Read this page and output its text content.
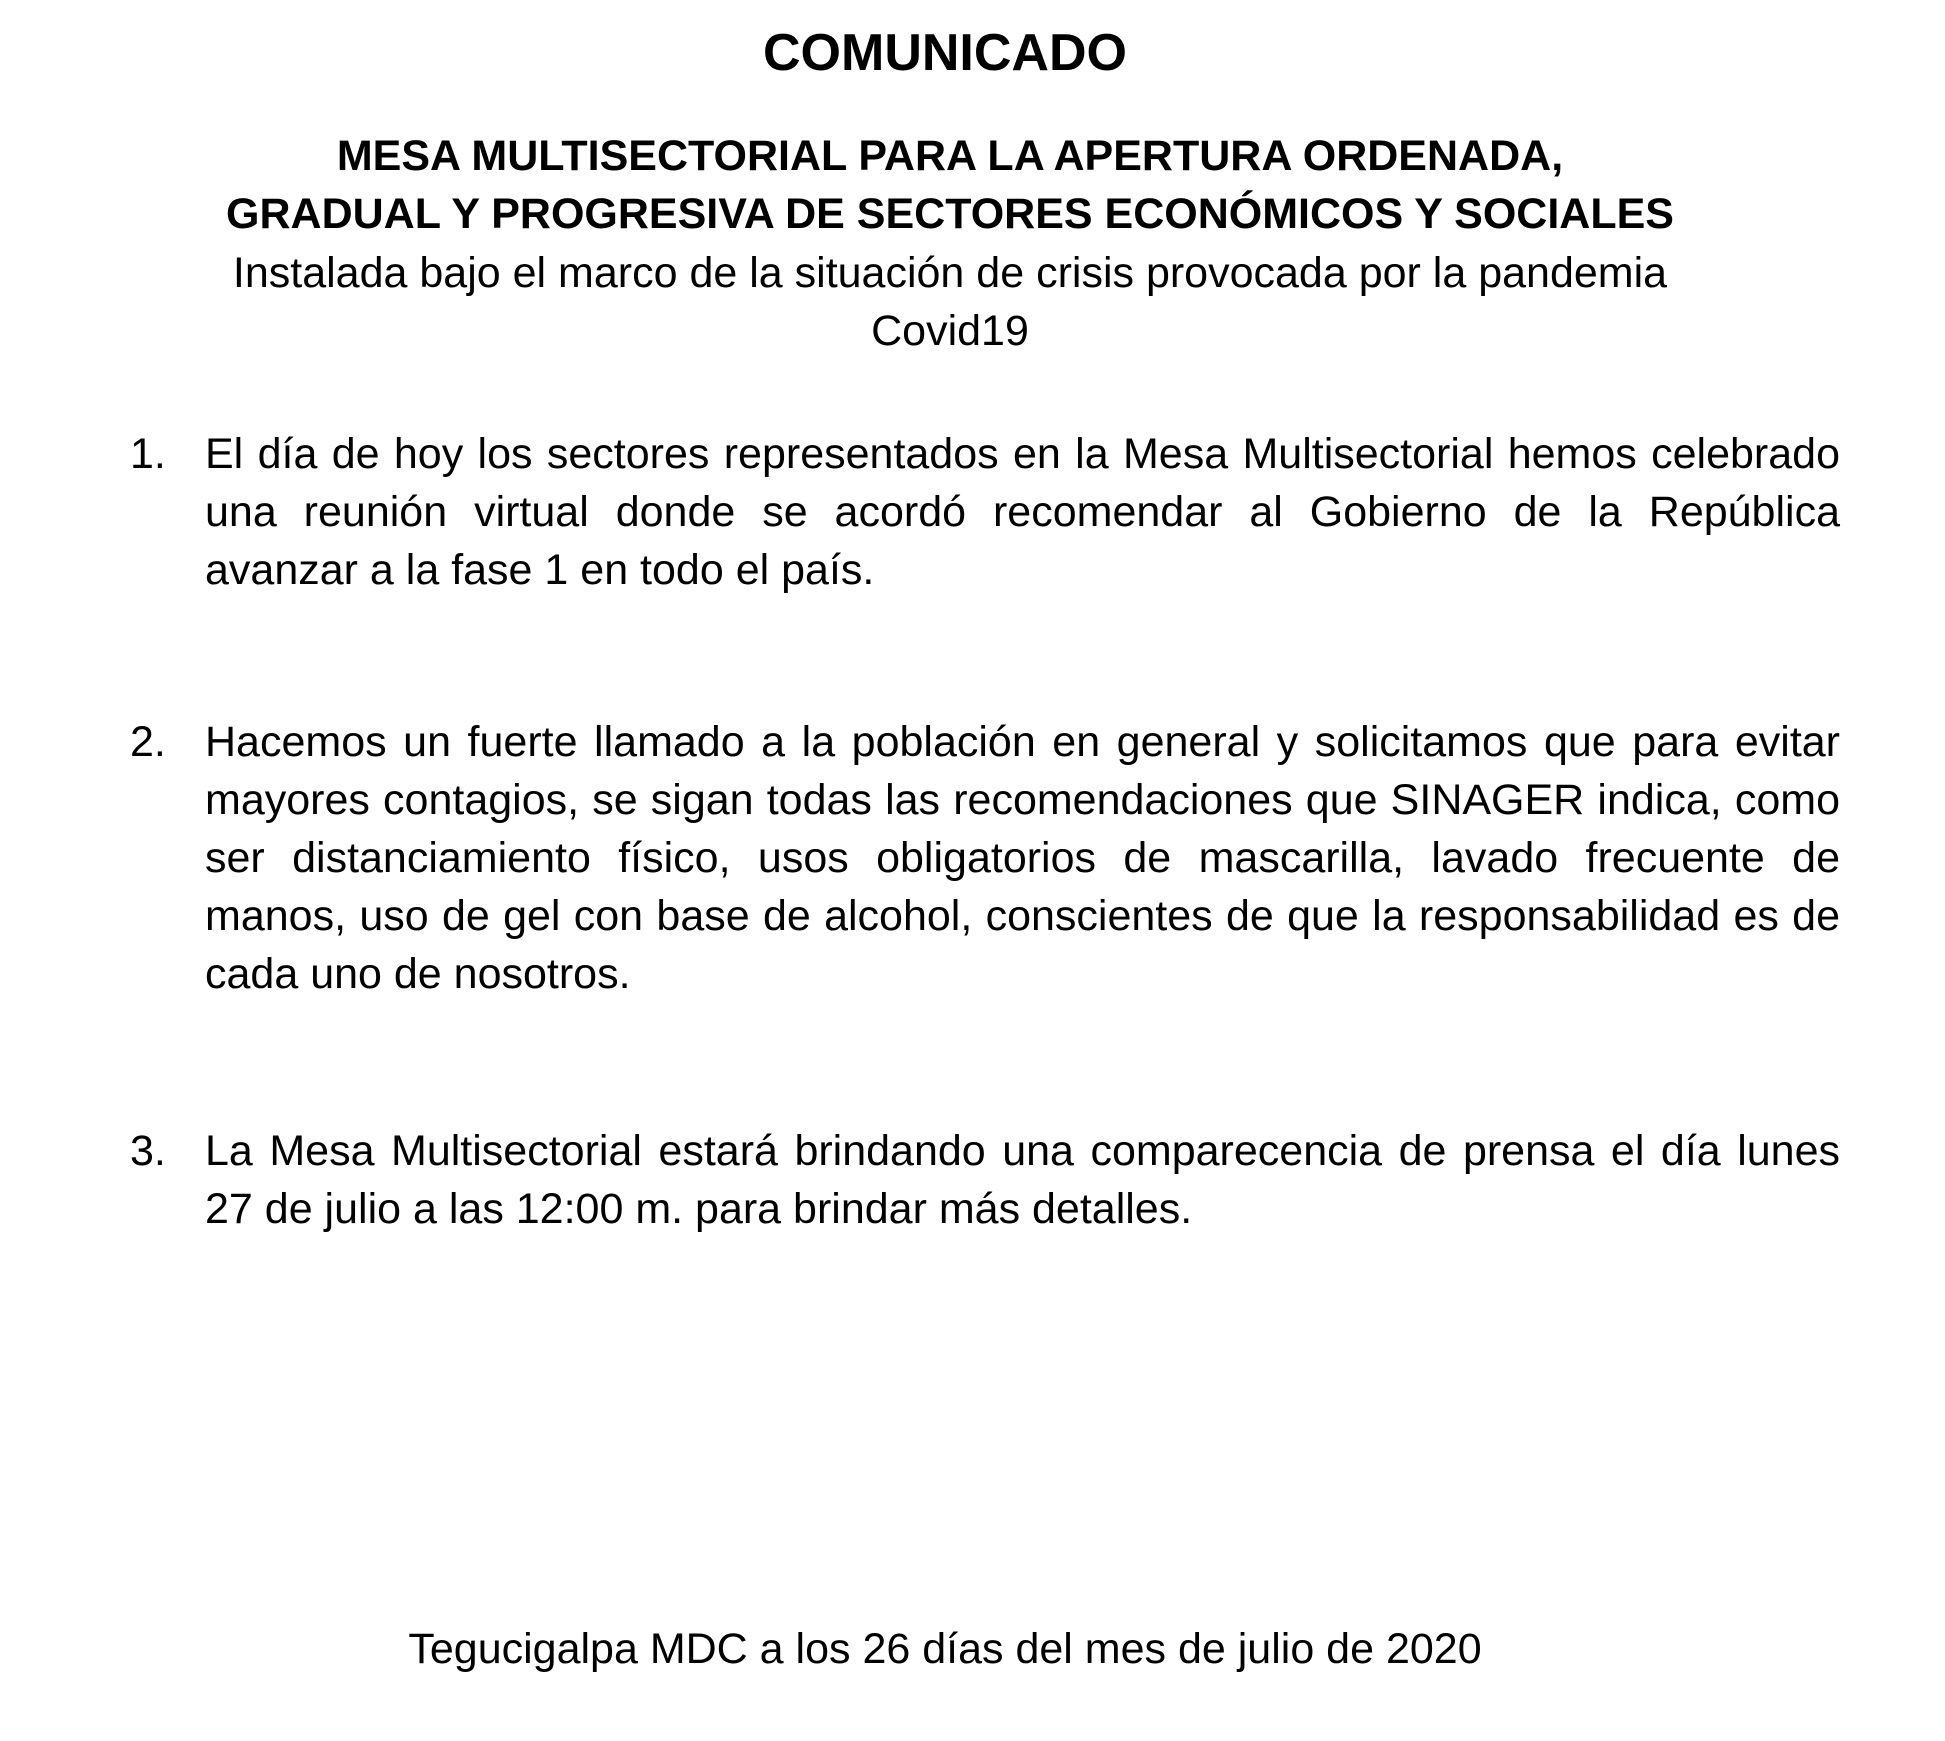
COMUNICADO

MESA MULTISECTORIAL PARA LA APERTURA ORDENADA,

GRADUAL Y PROGRESIVA DE SECTORES ECONÓMICOS Y SOCIALES

Instalada bajo el marco de la situación de crisis provocada por la pandemia

Covid19

1. El día de hoy los sectores representados en la Mesa Multisectorial hemos celebrado una reunión virtual donde se acordó recomendar al Gobierno de la República avanzar a la fase 1 en todo el país.
2. Hacemos un fuerte llamado a la población en general y solicitamos que para evitar mayores contagios, se sigan todas las recomendaciones que SINAGER indica, como ser distanciamiento físico, usos obligatorios de mascarilla, lavado frecuente de manos, uso de gel con base de alcohol, conscientes de que la responsabilidad es de cada uno de nosotros.
3. La Mesa Multisectorial estará brindando una comparecencia de prensa el día lunes 27 de julio a las 12:00 m. para brindar más detalles.

Tegucigalpa MDC a los 26 días del mes de julio de 2020
